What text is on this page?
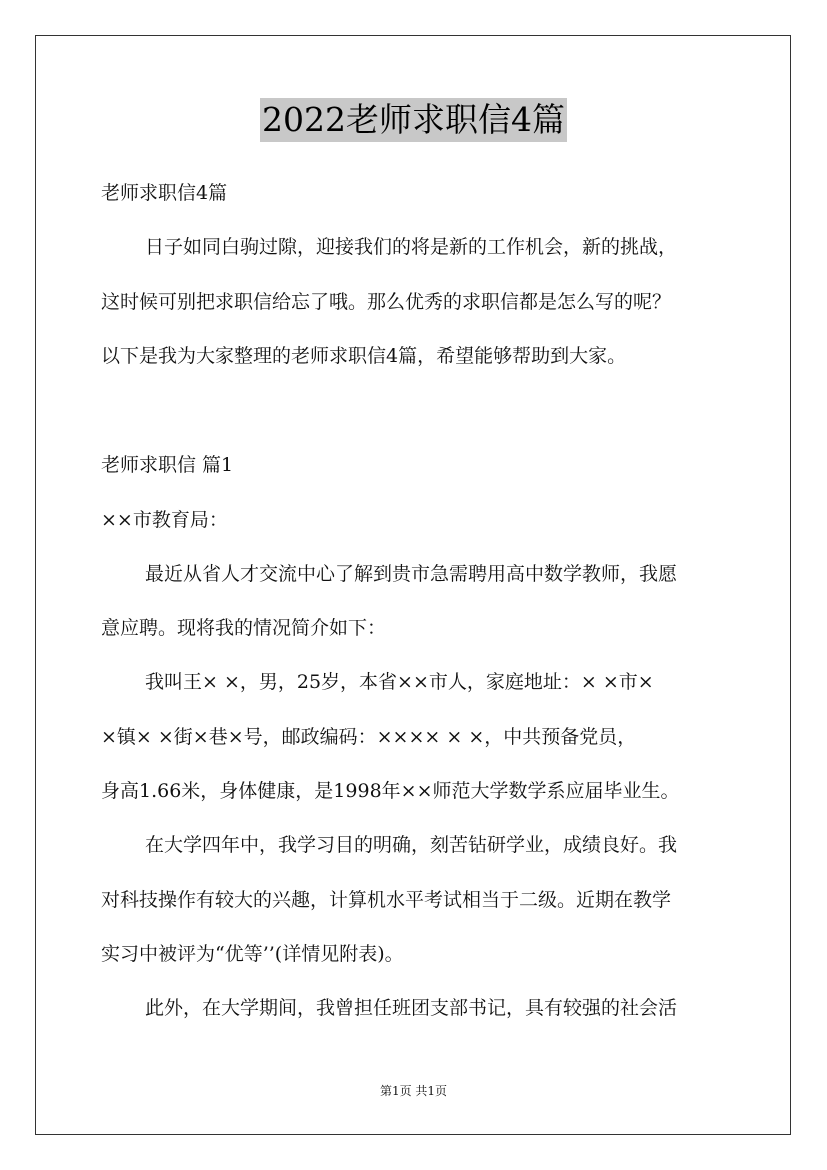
2022老师求职信4篇
老师求职信4篇
日子如同白驹过隙，迎接我们的将是新的工作机会，新的挑战，
这时候可别把求职信给忘了哦。那么优秀的求职信都是怎么写的呢？
以下是我为大家整理的老师求职信4篇，希望能够帮助到大家。
老师求职信 篇1
××市教育局：
最近从省人才交流中心了解到贵市急需聘用高中数学教师，我愿
意应聘。现将我的情况简介如下：
我叫王× ×，男，25岁，本省××市人，家庭地址：× ×市×
×镇× ×街×巷×号，邮政编码：×××× × ×，中共预备党员，
身高1.66米，身体健康，是1998年××师范大学数学系应届毕业生。
在大学四年中，我学习目的明确，刻苦钻研学业，成绩良好。我
对科技操作有较大的兴趣，计算机水平考试相当于二级。近期在教学
实习中被评为“优等’’(详情见附表)。
此外，在大学期间，我曾担任班团支部书记，具有较强的社会活
第1页 共1页
